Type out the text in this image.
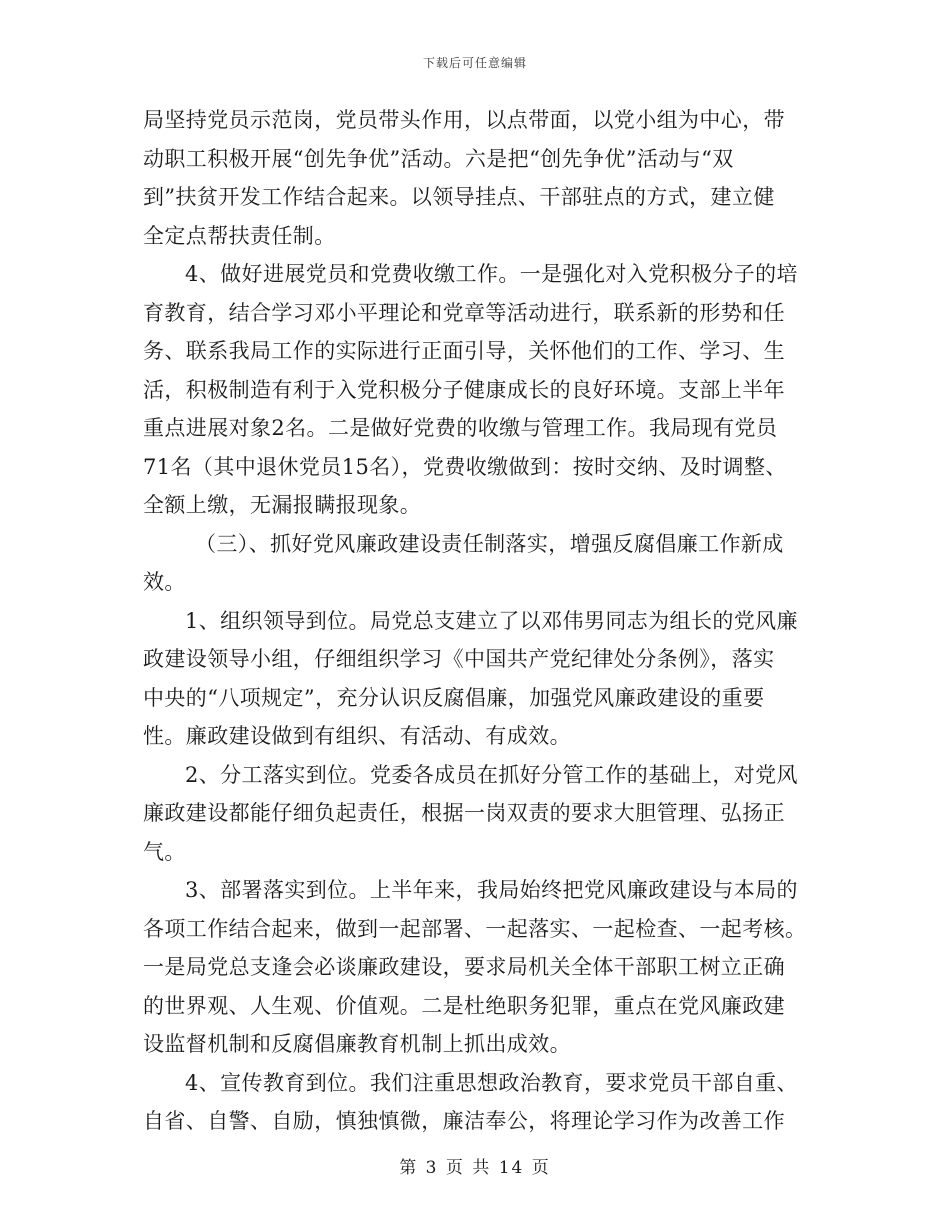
下载后可任意编辑
局坚持党员示范岗，党员带头作用，以点带面，以党小组为中心，带
动职工积极开展“创先争优”活动。六是把“创先争优”活动与“双
到”扶贫开发工作结合起来。以领导挂点、干部驻点的方式，建立健
全定点帮扶责任制。
4、做好进展党员和党费收缴工作。一是强化对入党积极分子的培
育教育，结合学习邓小平理论和党章等活动进行，联系新的形势和任
务、联系我局工作的实际进行正面引导，关怀他们的工作、学习、生
活，积极制造有利于入党积极分子健康成长的良好环境。支部上半年
重点进展对象2名。二是做好党费的收缴与管理工作。我局现有党员
71名（其中退休党员15名），党费收缴做到：按时交纳、及时调整、
全额上缴，无漏报瞒报现象。
（三）、抓好党风廉政建设责任制落实，增强反腐倡廉工作新成
效。
1、组织领导到位。局党总支建立了以邓伟男同志为组长的党风廉
政建设领导小组，仔细组织学习《中国共产党纪律处分条例》，落实
中央的“八项规定”，充分认识反腐倡廉，加强党风廉政建设的重要
性。廉政建设做到有组织、有活动、有成效。
2、分工落实到位。党委各成员在抓好分管工作的基础上，对党风
廉政建设都能仔细负起责任，根据一岗双责的要求大胆管理、弘扬正
气。
3、部署落实到位。上半年来，我局始终把党风廉政建设与本局的
各项工作结合起来，做到一起部署、一起落实、一起检查、一起考核。
一是局党总支逢会必谈廉政建设，要求局机关全体干部职工树立正确
的世界观、人生观、价值观。二是杜绝职务犯罪，重点在党风廉政建
设监督机制和反腐倡廉教育机制上抓出成效。
4、宣传教育到位。我们注重思想政治教育，要求党员干部自重、
自省、自警、自励，慎独慎微，廉洁奉公，将理论学习作为改善工作
第 3 页 共 14 页
